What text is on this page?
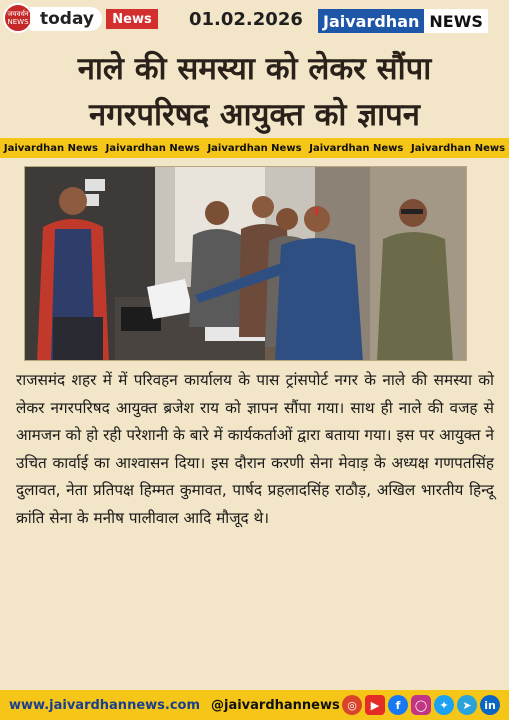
जयवर्धन
NEWS today	News	01.02.2026	Jaivardhan NEWS
नाले की समस्या को लेकर सौंपा
नगरपरिषद आयुक्त को ज्ञापन
Jaivardhan News Jaivardhan News Jaivardhan News Jaivardhan News Jaivardhan News
राजसमंद शहर में में परिवहन कार्यालय के पास ट्रांसपोर्ट नगर के नाले की समस्या को लेकर नगरपरिषद आयुक्त ब्रजेश राय को ज्ञापन सौंपा गया। साथ ही नाले की वजह से आमजन को हो रही परेशानी के बारे में कार्यकर्ताओं द्वारा बताया गया। इस पर आयुक्त ने उचित कार्वाई का आश्वासन दिया। इस दौरान करणी सेना मेवाड़ के अध्यक्ष गणपतसिंह दुलावत, नेता प्रतिपक्ष हिम्मत कुमावत, पार्षद प्रहलादसिंह राठौड़, अखिल भारतीय हिन्दू क्रांति सेना के मनीष पालीवाल आदि मौजूद थे।
www.jaivardhannews.com @jaivardhannews ◎	▶	f	◯	✦	➤	in
